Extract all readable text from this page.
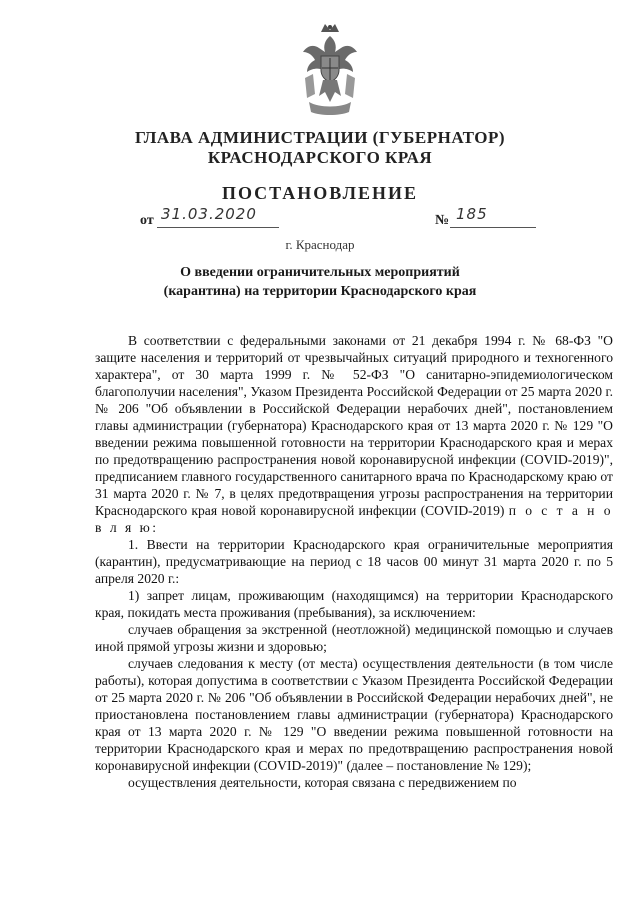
ГЛАВА АДМИНИСТРАЦИИ (ГУБЕРНАТОР)
КРАСНОДАРСКОГО КРАЯ
ПОСТАНОВЛЕНИЕ
от 31.03.2020	№ 185
г. Краснодар
О введении ограничительных мероприятий
(карантина) на территории Краснодарского края

В соответствии с федеральными законами от 21 декабря 1994 г. № 68-ФЗ "О защите населения и территорий от чрезвычайных ситуаций природного и техногенного характера", от 30 марта 1999 г. № 52-ФЗ "О санитарно-эпидемиологическом благополучии населения", Указом Президента Российской Федерации от 25 марта 2020 г. № 206 "Об объявлении в Российской Федерации нерабочих дней", постановлением главы администрации (губернатора) Краснодарского края от 13 марта 2020 г. № 129 "О введении режима повышенной готовности на территории Краснодарского края и мерах по предотвращению распространения новой коронавирусной инфекции (COVID-2019)", предписанием главного государственного санитарного врача по Краснодарскому краю от 31 марта 2020 г. № 7, в целях предотвращения угрозы распространения на территории Краснодарского края новой коронавирусной инфекции (COVID-2019) п о с т а н о в л я ю:

1. Ввести на территории Краснодарского края ограничительные мероприятия (карантин), предусматривающие на период с 18 часов 00 минут 31 марта 2020 г. по 5 апреля 2020 г.:

1) запрет лицам, проживающим (находящимся) на территории Краснодарского края, покидать места проживания (пребывания), за исключением:

случаев обращения за экстренной (неотложной) медицинской помощью и случаев иной прямой угрозы жизни и здоровью;

случаев следования к месту (от места) осуществления деятельности (в том числе работы), которая допустима в соответствии с Указом Президента Российской Федерации от 25 марта 2020 г. № 206 "Об объявлении в Российской Федерации нерабочих дней", не приостановлена постановлением главы администрации (губернатора) Краснодарского края от 13 марта 2020 г. № 129 "О введении режима повышенной готовности на территории Краснодарского края и мерах по предотвращению распространения новой коронавирусной инфекции (COVID-2019)" (далее – постановление № 129);

осуществления деятельности, которая связана с передвижением по
